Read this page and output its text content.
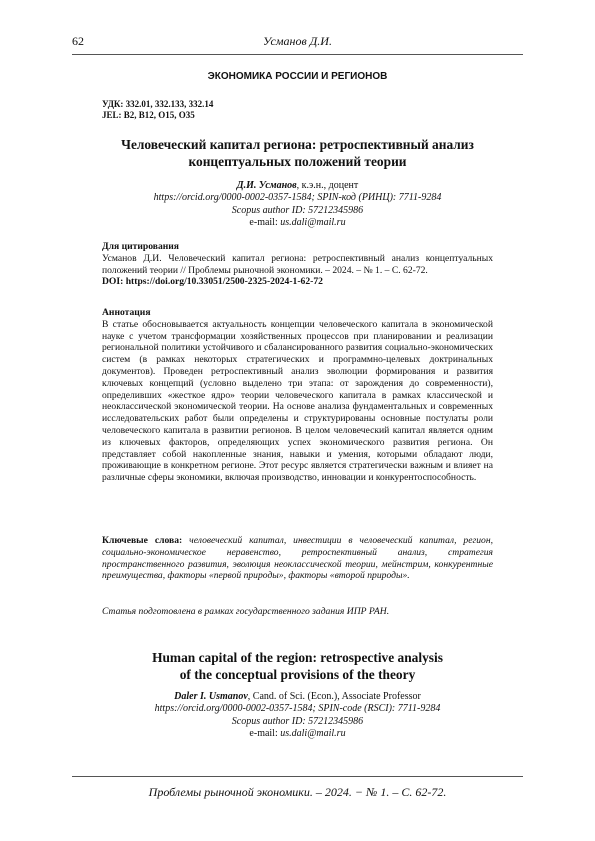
62	Усманов Д.И.
ЭКОНОМИКА РОССИИ И РЕГИОНОВ
УДК: 332.01, 332.133, 332.14
JEL: B2, B12, O15, O35
Человеческий капитал региона: ретроспективный анализ
концептуальных положений теории
Д.И. Усманов, к.э.н., доцент
https://orcid.org/0000-0002-0357-1584; SPIN-код (РИНЦ): 7711-9284
Scopus author ID: 57212345986
e-mail: us.dali@mail.ru
Для цитирования
Усманов Д.И. Человеческий капитал региона: ретроспективный анализ концептуальных положений теории // Проблемы рыночной экономики. – 2024. – № 1. – С. 62-72.
DOI: https://doi.org/10.33051/2500-2325-2024-1-62-72
Аннотация

В статье обосновывается актуальность концепции человеческого капитала в экономической науке с учетом трансформации хозяйственных процессов при планировании и реализации региональной политики устойчивого и сбалансированного развития социально-экономических систем (в рамках некоторых стратегических и программно-целевых доктринальных документов). Проведен ретроспективный анализ эволюции формирования и развития ключевых концепций (условно выделено три этапа: от зарождения до современности), определивших «жесткое ядро» теории человеческого капитала в рамках классической и неоклассической экономической теории. На основе анализа фундаментальных и современных исследовательских работ были определены и структурированы основные постулаты роли человеческого капитала в развитии регионов. В целом человеческий капитал является одним из ключевых факторов, определяющих успех экономического развития региона. Он представляет собой накопленные знания, навыки и умения, которыми обладают люди, проживающие в конкретном регионе. Этот ресурс является стратегически важным и влияет на различные сферы экономики, включая производство, инновации и конкурентоспособность.

Ключевые слова: человеческий капитал, инвестиции в человеческий капитал, регион, социально-экономическое неравенство, ретроспективный анализ, стратегия пространственного развития, эволюция неоклассической теории, мейнстрим, конкурентные преимущества, факторы «первой природы», факторы «второй природы».
Статья подготовлена в рамках государственного задания ИПР РАН.
Human capital of the region: retrospective analysis
of the conceptual provisions of the theory
Daler I. Usmanov, Cand. of Sci. (Econ.), Associate Professor
https://orcid.org/0000-0002-0357-1584; SPIN-code (RSCI): 7711-9284
Scopus author ID: 57212345986
e-mail: us.dali@mail.ru
Проблемы рыночной экономики. – 2024. − № 1. – С. 62-72.
